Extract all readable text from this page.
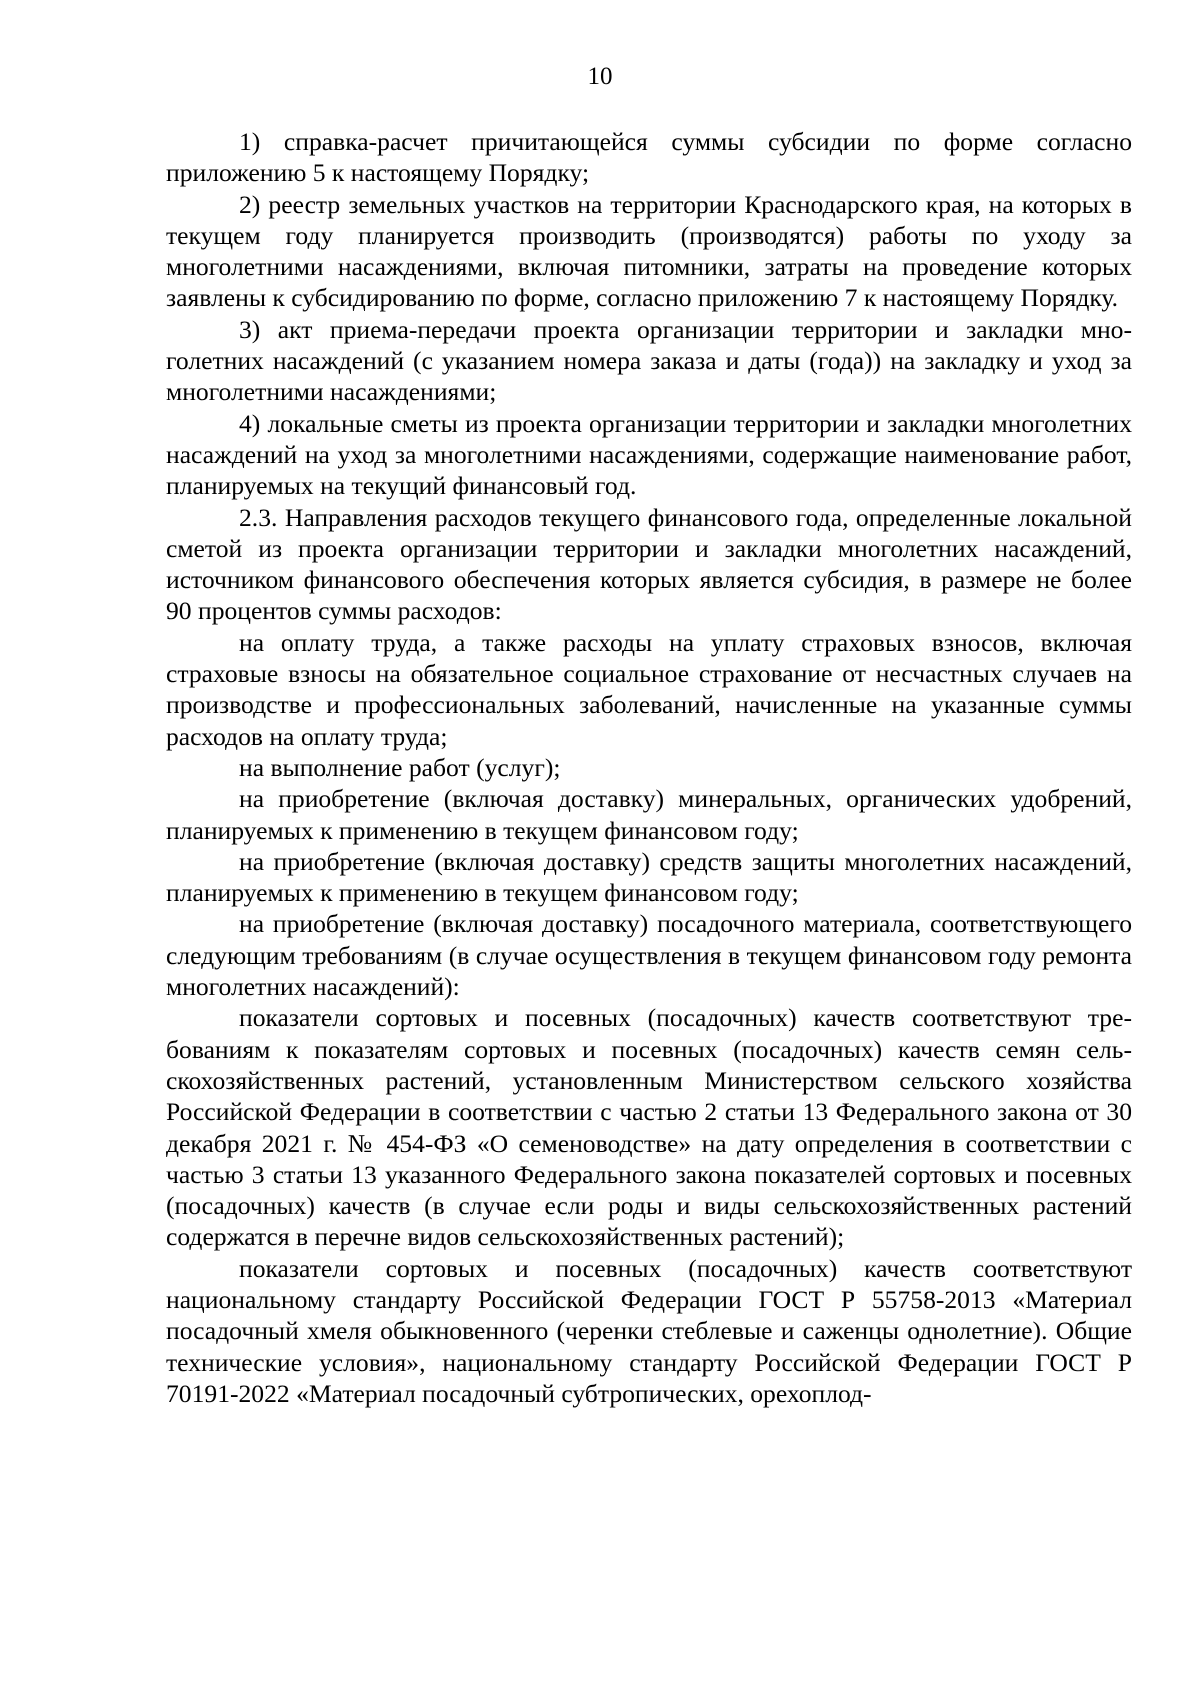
10

1) справка-расчет причитающейся суммы субсидии по форме согласно приложению 5 к настоящему Порядку;

2) реестр земельных участков на территории Краснодарского края, на которых в текущем году планируется производить (производятся) работы по уходу за многолетними насаждениями, включая питомники, затраты на проведение которых заявлены к субсидированию по форме, согласно приложению 7 к настоящему Порядку.

3) акт приема-передачи проекта организации территории и закладки многолетних насаждений (с указанием номера заказа и даты (года)) на закладку и уход за многолетними насаждениями;

4) локальные сметы из проекта организации территории и закладки многолетних насаждений на уход за многолетними насаждениями, содержащие наименование работ, планируемых на текущий финансовый год.

2.3. Направления расходов текущего финансового года, определенные локальной сметой из проекта организации территории и закладки многолетних насаждений, источником финансового обеспечения которых является субсидия, в размере не более 90 процентов суммы расходов:

на оплату труда, а также расходы на уплату страховых взносов, включая страховые взносы на обязательное социальное страхование от несчастных случаев на производстве и профессиональных заболеваний, начисленные на указанные суммы расходов на оплату труда;

на выполнение работ (услуг);

на приобретение (включая доставку) минеральных, органических удобрений, планируемых к применению в текущем финансовом году;

на приобретение (включая доставку) средств защиты многолетних насаждений, планируемых к применению в текущем финансовом году;

на приобретение (включая доставку) посадочного материала, соответствующего следующим требованиям (в случае осуществления в текущем финансовом году ремонта многолетних насаждений):

показатели сортовых и посевных (посадочных) качеств соответствуют требованиям к показателям сортовых и посевных (посадочных) качеств семян сельскохозяйственных растений, установленным Министерством сельского хозяйства Российской Федерации в соответствии с частью 2 статьи 13 Федерального закона от 30 декабря 2021 г. № 454-ФЗ «О семеноводстве» на дату определения в соответствии с частью 3 статьи 13 указанного Федерального закона показателей сортовых и посевных (посадочных) качеств (в случае если роды и виды сельскохозяйственных растений содержатся в перечне видов сельскохозяйственных растений);

показатели сортовых и посевных (посадочных) качеств соответствуют национальному стандарту Российской Федерации ГОСТ Р 55758-2013 «Материал посадочный хмеля обыкновенного (черенки стеблевые и саженцы однолетние). Общие технические условия», национальному стандарту Российской Федерации ГОСТ Р 70191-2022 «Материал посадочный субтропических, орехоплод-
